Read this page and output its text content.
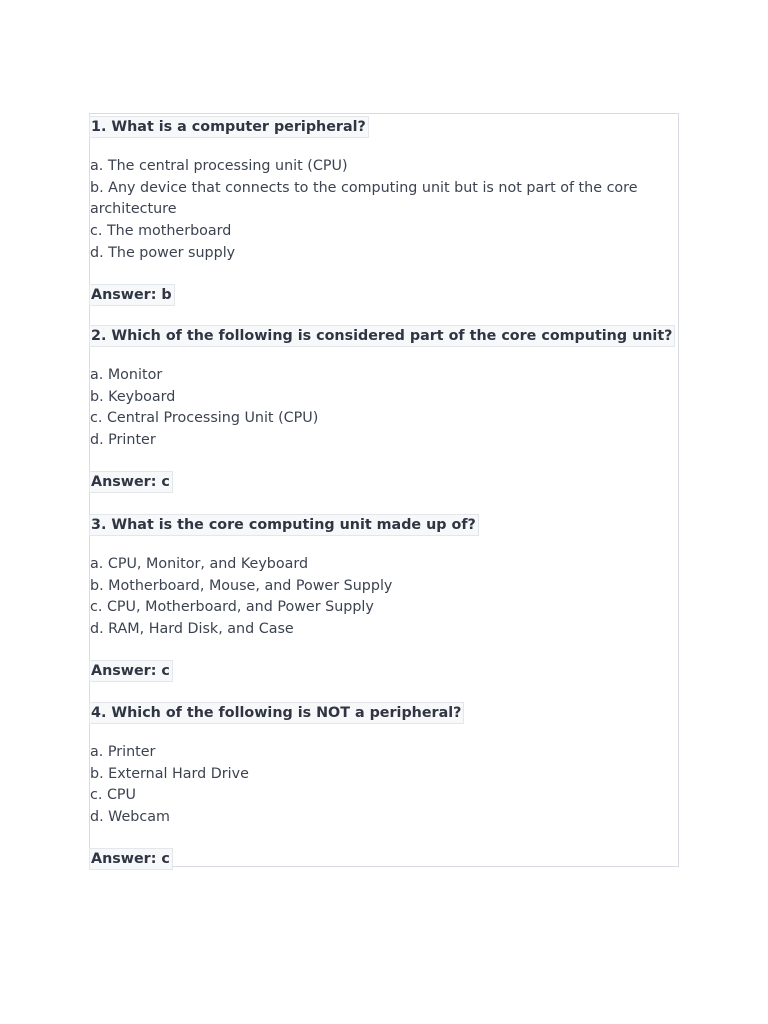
1. What is a computer peripheral?
a. The central processing unit (CPU)
b. Any device that connects to the computing unit but is not part of the core architecture
c. The motherboard
d. The power supply
Answer: b
2. Which of the following is considered part of the core computing unit?
a. Monitor
b. Keyboard
c. Central Processing Unit (CPU)
d. Printer
Answer: c
3. What is the core computing unit made up of?
a. CPU, Monitor, and Keyboard
b. Motherboard, Mouse, and Power Supply
c. CPU, Motherboard, and Power Supply
d. RAM, Hard Disk, and Case
Answer: c
4. Which of the following is NOT a peripheral?
a. Printer
b. External Hard Drive
c. CPU
d. Webcam
Answer: c
